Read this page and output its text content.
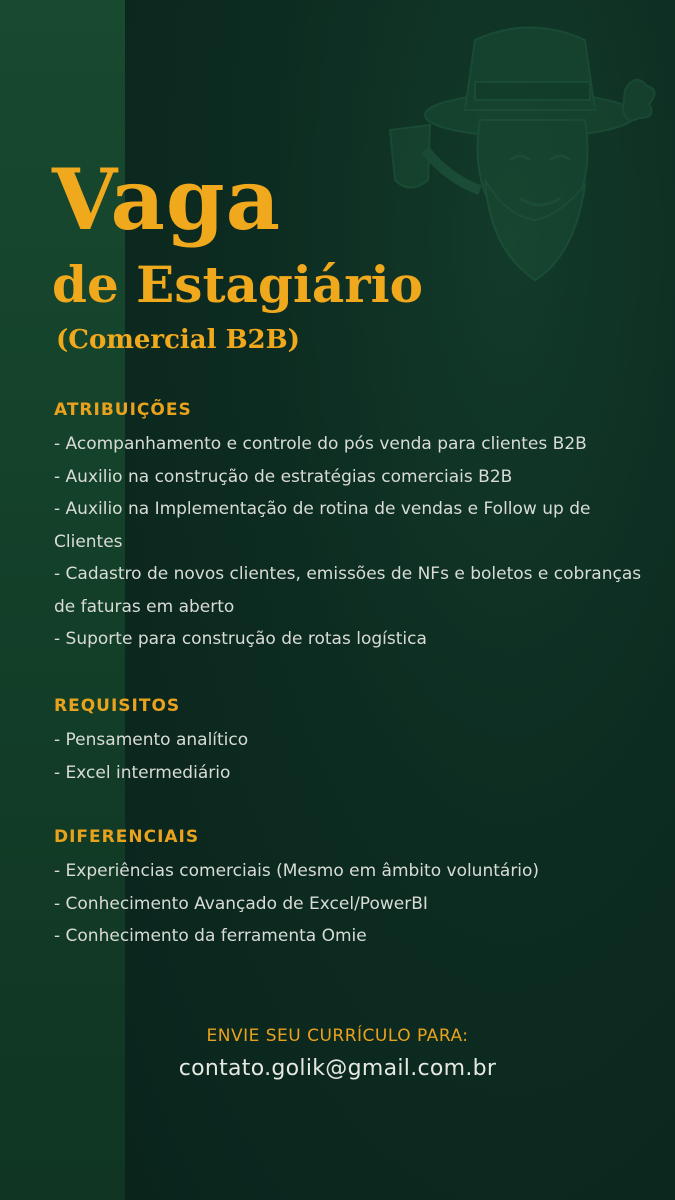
Vaga
de Estagiário
(Comercial B2B)
ATRIBUIÇÕES
- Acompanhamento e controle do pós venda para clientes B2B
- Auxilio na construção de estratégias comerciais B2B
- Auxilio na Implementação de rotina de vendas e Follow up de Clientes
- Cadastro de novos clientes, emissões de NFs e boletos e cobranças de faturas em aberto
- Suporte para construção de rotas logística
REQUISITOS
- Pensamento analítico
- Excel intermediário
DIFERENCIAIS
- Experiências comerciais (Mesmo em âmbito voluntário)
- Conhecimento Avançado de Excel/PowerBI
- Conhecimento da ferramenta Omie
ENVIE SEU CURRÍCULO PARA:
contato.golik@gmail.com.br
